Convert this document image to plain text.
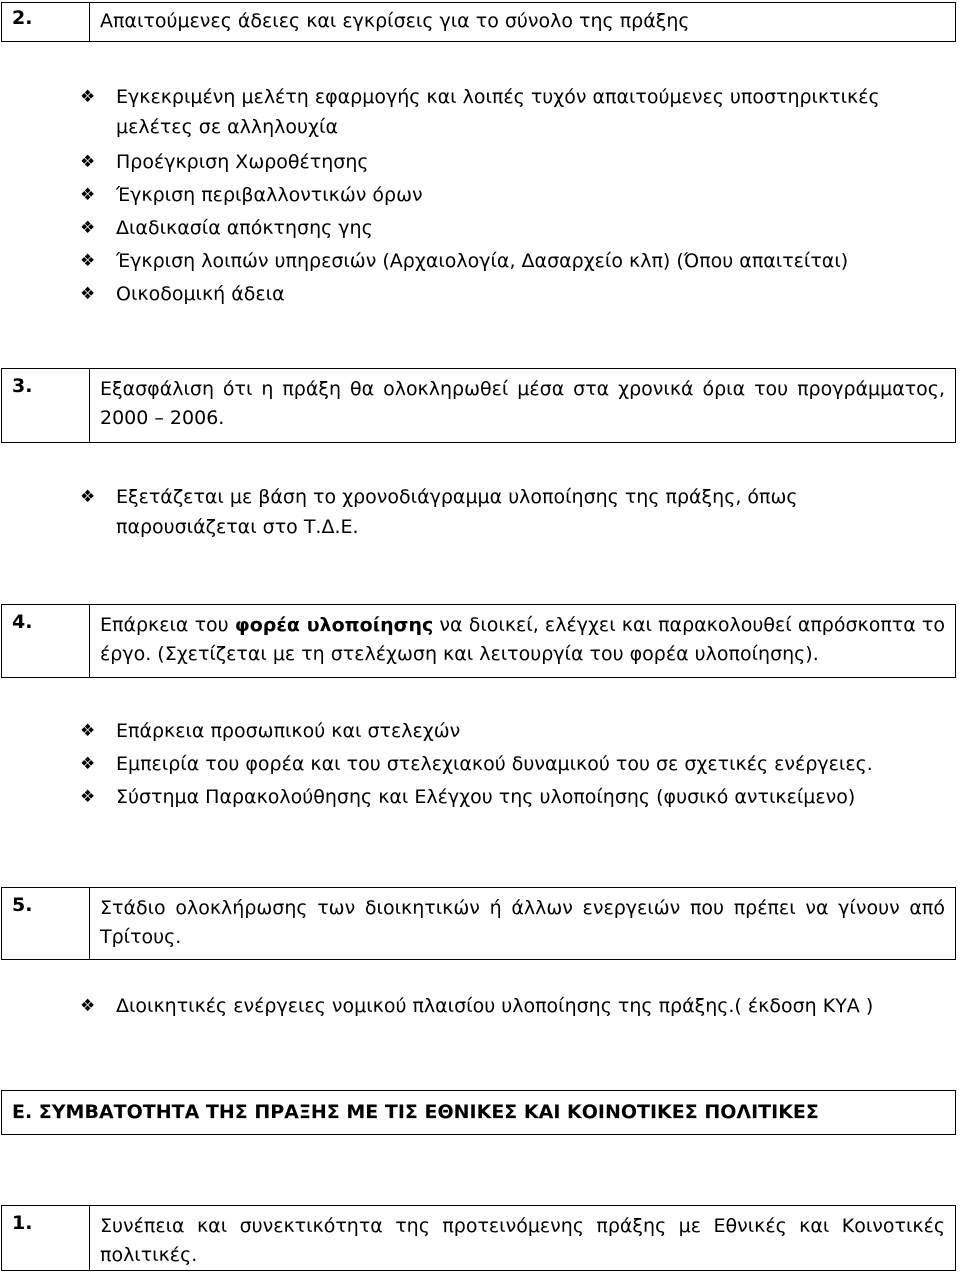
2.	Απαιτούμενες άδειες και εγκρίσεις για το σύνολο της πράξης
❖	Εγκεκριμένη μελέτη εφαρμογής και λοιπές τυχόν απαιτούμενες υποστηρικτικές μελέτες σε αλληλουχία
❖	Προέγκριση Χωροθέτησης
❖	Έγκριση περιβαλλοντικών όρων
❖	Διαδικασία απόκτησης γης
❖	Έγκριση λοιπών υπηρεσιών (Αρχαιολογία, Δασαρχείο κλπ) (Όπου απαιτείται)
❖	Οικοδομική άδεια
3.	Εξασφάλιση ότι η πράξη θα ολοκληρωθεί μέσα στα χρονικά όρια του προγράμματος, 2000 – 2006.
❖	Εξετάζεται με βάση το χρονοδιάγραμμα υλοποίησης της πράξης, όπως παρουσιάζεται στο Τ.Δ.Ε.
4.	Επάρκεια του φορέα υλοποίησης να διοικεί, ελέγχει και παρακολουθεί απρόσκοπτα το έργο. (Σχετίζεται με τη στελέχωση και λειτουργία του φορέα υλοποίησης).
❖	Επάρκεια προσωπικού και στελεχών
❖	Εμπειρία του φορέα και του στελεχιακού δυναμικού του σε σχετικές ενέργειες.
❖	Σύστημα Παρακολούθησης και Ελέγχου της υλοποίησης (φυσικό αντικείμενο)
5.	Στάδιο ολοκλήρωσης των διοικητικών ή άλλων ενεργειών που πρέπει να γίνουν από Τρίτους.
❖	Διοικητικές ενέργειες νομικού πλαισίου υλοποίησης της πράξης.( έκδοση ΚΥΑ )
Ε. ΣΥΜΒΑΤΟΤΗΤΑ ΤΗΣ ΠΡΑΞΗΣ ΜΕ ΤΙΣ ΕΘΝΙΚΕΣ ΚΑΙ ΚΟΙΝΟΤΙΚΕΣ ΠΟΛΙΤΙΚΕΣ
1.	Συνέπεια και συνεκτικότητα της προτεινόμενης πράξης με Εθνικές και Κοινοτικές πολιτικές.
